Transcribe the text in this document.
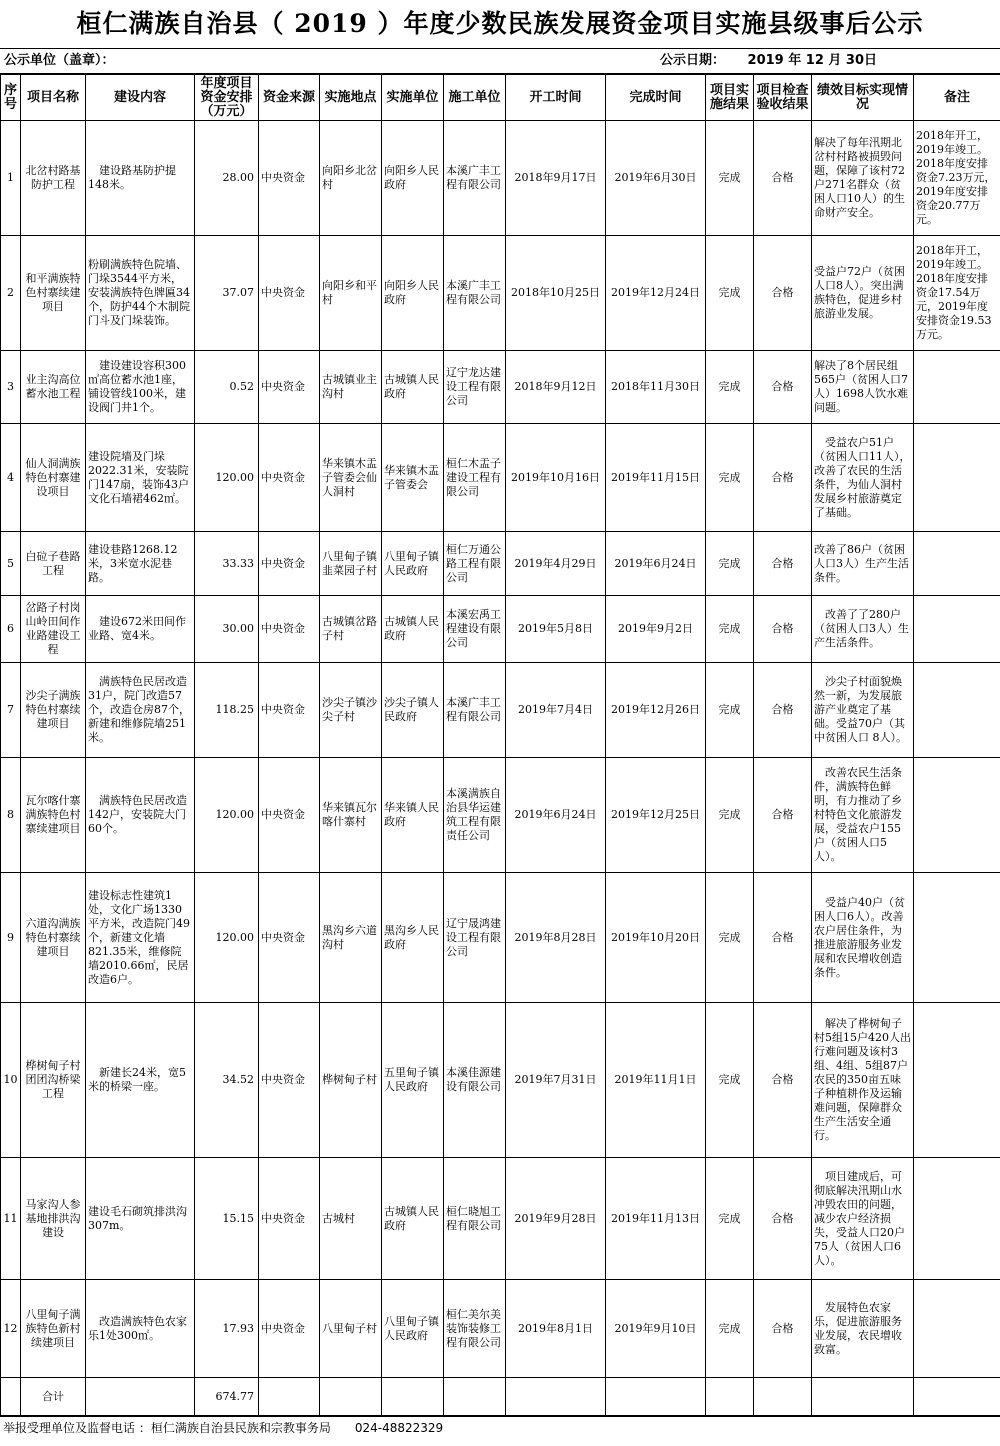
桓仁满族自治县（ 2019 ）年度少数民族发展资金项目实施县级事后公示
公示单位（盖章）：	公示日期： 2019 年 12 月 30日
序号	项目名称	建设内容	年度项目资金安排（万元）	资金来源	实施地点	实施单位	施工单位	开工时间	完成时间	项目实施结果	项目检查验收结果	绩效目标实现情况	备注
1	北岔村路基防护工程	　建设路基防护提148米。	28.00	中央资金	向阳乡北岔村	向阳乡人民政府	本溪广丰工程有限公司	2018年9月17日	2019年6月30日	完成	合格	解决了每年汛期北岔村村路被损毁问题，保障了该村72户271名群众（贫困人口10人）的生命财产安全。	2018年开工，2019年竣工。2018年度安排资金7.23万元，2019年度安排资金20.77万元。
2	和平满族特色村寨续建项目	粉刷满族特色院墙、门垛3544平方米，安装满族特色牌匾34个，防护44个木制院门斗及门垛装饰。	37.07	中央资金	向阳乡和平村	向阳乡人民政府	本溪广丰工程有限公司	2018年10月25日	2019年12月24日	完成	合格	受益户72户（贫困人口8人）。突出满族特色，促进乡村旅游业发展。	2018年开工，2019年竣工。2018年度安排资金17.54万元，2019年度安排资金19.53万元。
3	业主沟高位蓄水池工程	　建设建设容积300㎥高位蓄水池1座，铺设管线100米，建设阀门井1个。	0.52	中央资金	古城镇业主沟村	古城镇人民政府	辽宁龙达建设工程有限公司	2018年9月12日	2018年11月30日	完成	合格	解决了8个居民组565户（贫困人口7人）1698人饮水难问题。	
4	仙人洞满族特色村寨建设项目	建设院墙及门垛2022.31米，安装院门147扇，装饰43户文化石墙裙462㎡。	120.00	中央资金	华来镇木盂子管委会仙人洞村	华来镇木盂子管委会	桓仁木盂子建设工程有限公司	2019年10月16日	2019年11月15日	完成	合格	　受益农户51户（贫困人口11人），改善了农民的生活条件，为仙人洞村发展乡村旅游奠定了基础。	
5	白砬子巷路工程	建设巷路1268.12米，3米宽水泥巷路。	33.33	中央资金	八里甸子镇韭菜园子村	八里甸子镇人民政府	桓仁万通公路工程有限公司	2019年4月29日	2019年6月24日	完成	合格	改善了86户（贫困人口3人）生产生活条件。	
6	岔路子村岗山岭田间作业路建设工程	　建设672米田间作业路、宽4米。	30.00	中央资金	古城镇岔路子村	古城镇人民政府	本溪宏禹工程建设有限公司	2019年5月8日	2019年9月2日	完成	合格	　改善了了280户（贫困人口3人）生产生活条件。	
7	沙尖子满族特色村寨续建项目	　满族特色民居改造31户，院门改造57个，改造仓房87个，新建和维修院墙251米。	118.25	中央资金	沙尖子镇沙尖子村	沙尖子镇人民政府	本溪广丰工程有限公司	2019年7月4日	2019年12月26日	完成	合格	　沙尖子村面貌焕然一新，为发展旅游产业奠定了基础。受益70户（其中贫困人口 8人）。	
8	瓦尔喀什寨满族特色村寨续建项目	　满族特色民居改造142户，安装院大门60个。	120.00	中央资金	华来镇瓦尔喀什寨村	华来镇人民政府	本溪满族自治县华运建筑工程有限责任公司	2019年6月24日	2019年12月25日	完成	合格	　改善农民生活条件，满族特色鲜明，有力推动了乡村特色文化旅游发展，受益农户155户（贫困人口5人）。	
9	六道沟满族特色村寨续建项目	建设标志性建筑1处，文化广场1330平方米，改造院门49个，新建文化墙821.35米，维修院墙2010.66㎡，民居改造6户。	120.00	中央资金	黑沟乡六道沟村	黑沟乡人民政府	辽宁晟鸿建设工程有限公司	2019年8月28日	2019年10月20日	完成	合格	　受益户40户（贫困人口6人）。改善农户居住条件，为推进旅游服务业发展和农民增收创造条件。	
10	桦树甸子村团团沟桥梁工程	　新建长24米，宽5米的桥梁一座。	34.52	中央资金	桦树甸子村	五里甸子镇人民政府	本溪佳源建设有限公司	2019年7月31日	2019年11月1日	完成	合格	　解决了桦树甸子村5组15户420人出行难问题及该村3组、4组、5组87户农民的350亩五味子种植耕作及运输难问题，保障群众生产生活安全通行。	
11	马家沟人参基地排洪沟建设	建设毛石砌筑排洪沟307m。	15.15	中央资金	古城村	古城镇人民政府	桓仁晓旭工程有限公司	2019年9月28日	2019年11月13日	完成	合格	　项目建成后，可彻底解决汛期山水冲毁农田的问题，减少农户经济损失，受益人口20户75人（贫困人口6人）。	
12	八里甸子满族特色新村续建项目	　改造满族特色农家乐1处300㎡。	17.93	中央资金	八里甸子村	八里甸子镇人民政府	桓仁美尔美装饰装修工程有限公司	2019年8月1日	2019年9月10日	完成	合格	　发展特色农家乐，促进旅游服务业发展，农民增收致富。	
	合计		674.77										
举报受理单位及监督电话 ：桓仁满族自治县民族和宗教事务局 024-48822329
